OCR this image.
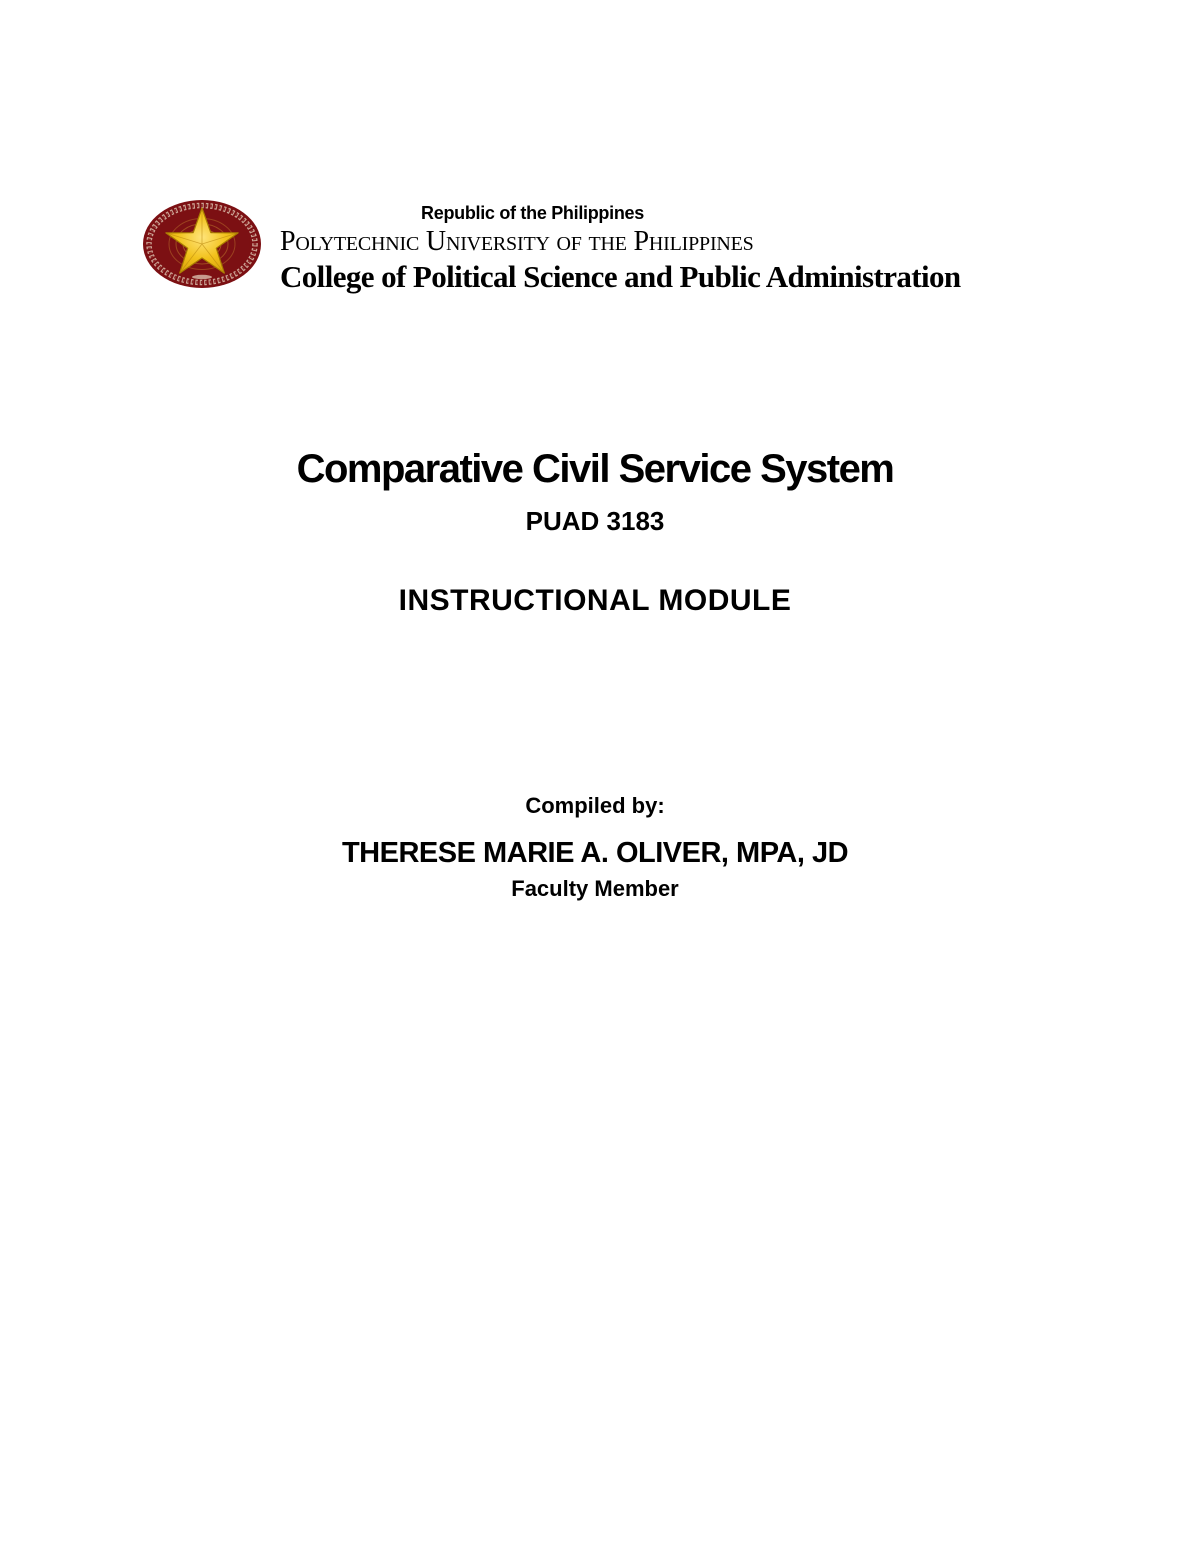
Republic of the Philippines
Polytechnic University of the Philippines
College of Political Science and Public Administration
Comparative Civil Service System
PUAD 3183
INSTRUCTIONAL MODULE
Compiled by:
THERESE MARIE A. OLIVER, MPA, JD
Faculty Member
